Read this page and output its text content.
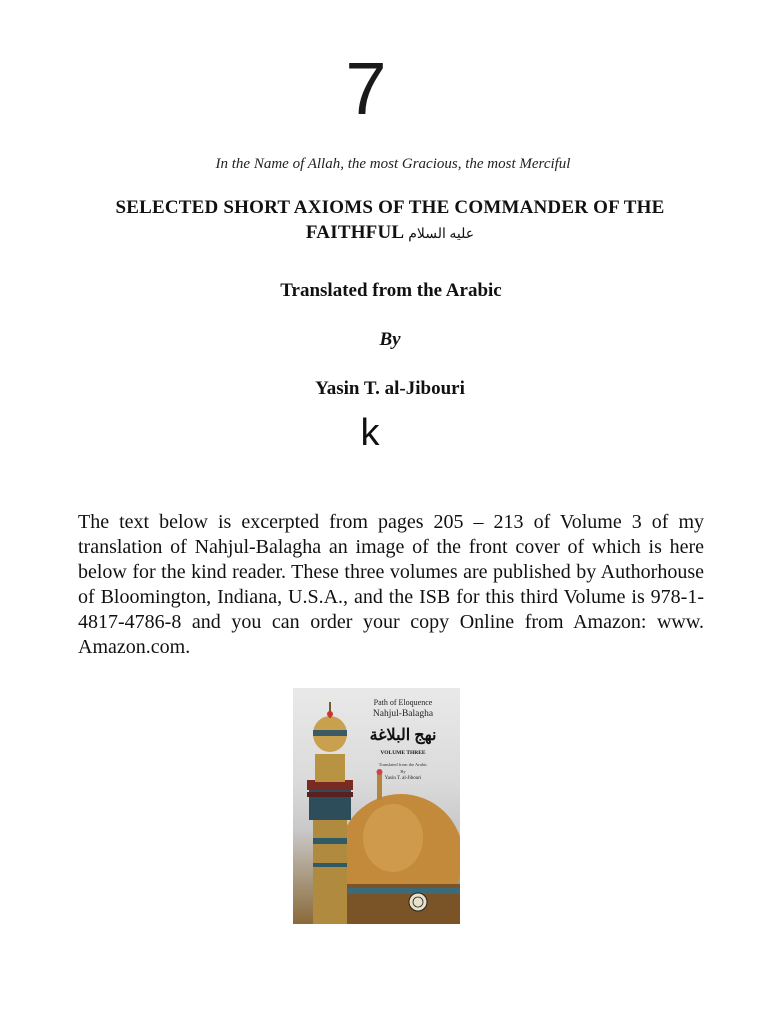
7
In the Name of Allah, the most Gracious, the most Merciful
SELECTED SHORT AXIOMS OF THE COMMANDER OF THE FAITHFUL عليه السلام
Translated from the Arabic
By
Yasin T. al-Jibouri
k

The text below is excerpted from pages 205 – 213 of Volume 3 of my translation of Nahjul-Balagha an image of the front cover of which is here below for the kind reader. These three volumes are published by Authorhouse of Bloomington, Indiana, U.S.A., and the ISB for this third Volume is 978-1-4817-4786-8 and you can order your copy Online from Amazon: www. Amazon.com.

Path of Eloquence
Nahjul-Balagha
نهج البلاغة
VOLUME THREE
Translated from the Arabic
By
Yasin T. al-Jibouri
